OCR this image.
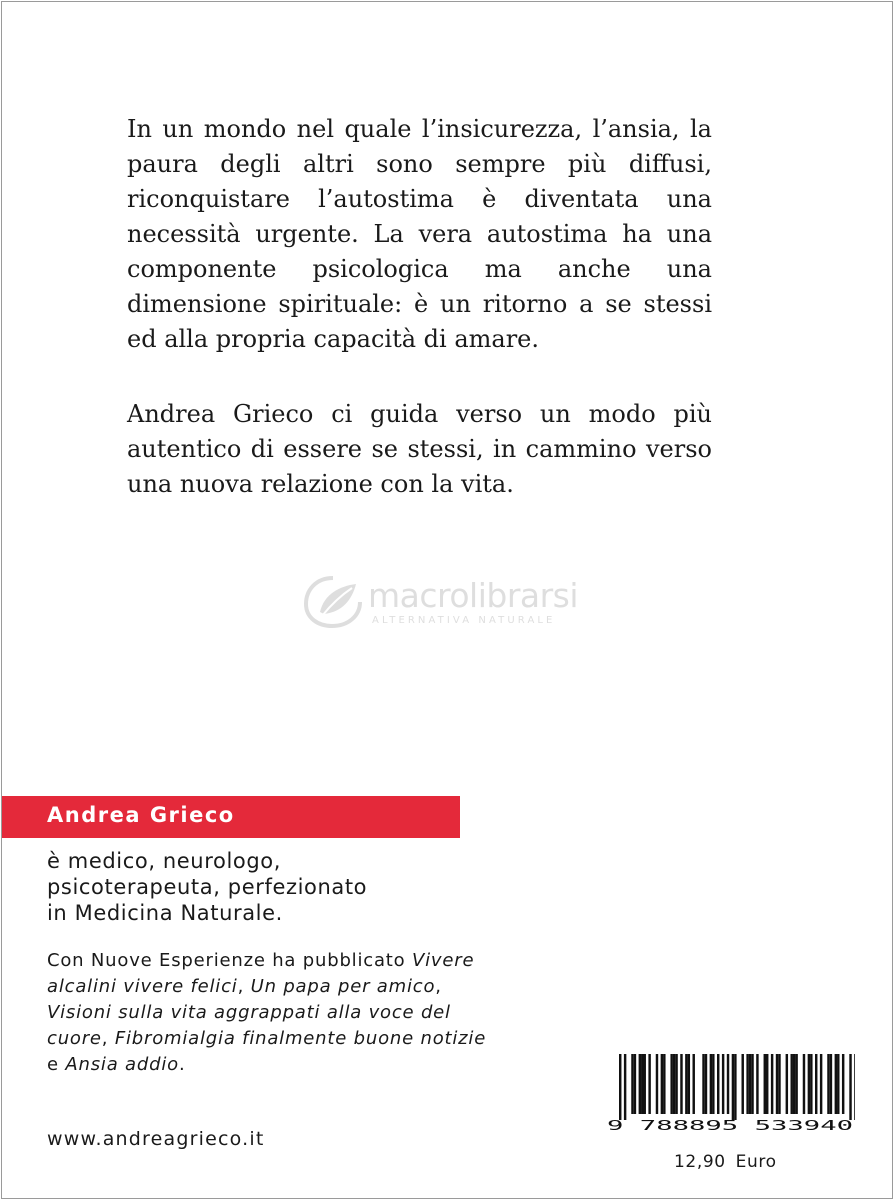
In un mondo nel quale l’insicurezza, l’ansia, la paura degli altri sono sempre più diffusi, riconquistare l’autostima è diventata una necessità urgente. La vera autostima ha una componente psicologica ma anche una dimensione spirituale: è un ritorno a se stessi ed alla propria capacità di amare.

Andrea Grieco ci guida verso un modo più autentico di essere se stessi, in cammino verso una nuova relazione con la vita.

macrolibrarsi
ALTERNATIVA NATURALE
Andrea Grieco
è medico, neurologo,
psicoterapeuta, perfezionato
in Medicina Naturale.
Con Nuove Esperienze ha pubblicato Vivere alcalini vivere felici, Un papa per amico, Visioni sulla vita aggrappati alla voce del cuore, Fibromialgia finalmente buone notizie e Ansia addio.
www.andreagrieco.it
9 788895 533940
12,90 Euro
